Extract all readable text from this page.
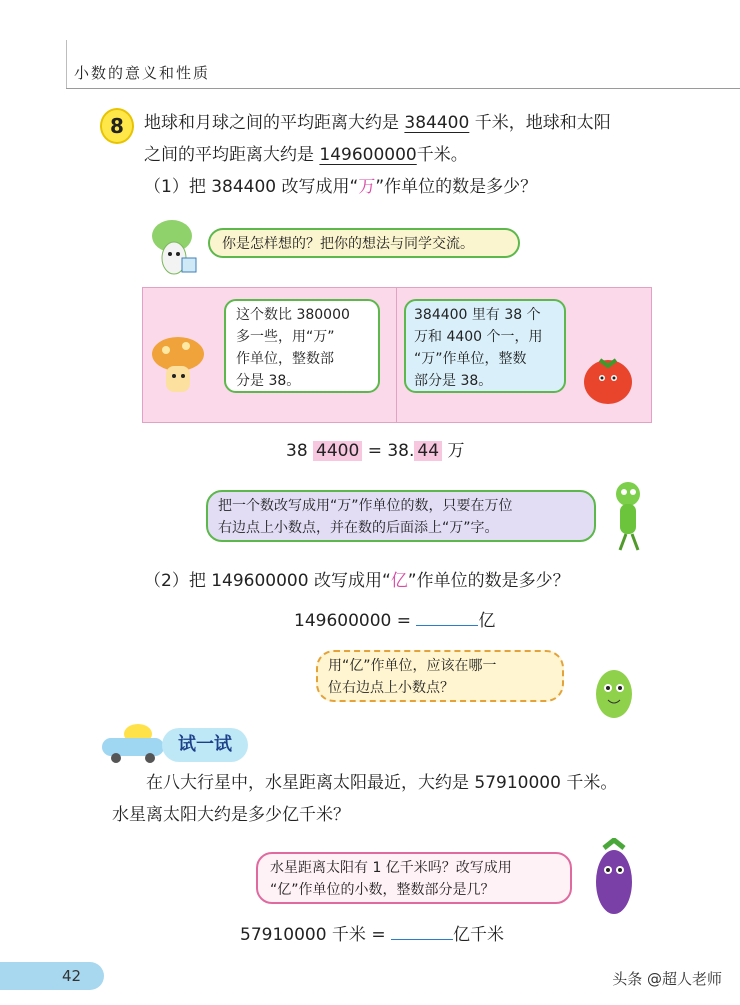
小数的意义和性质
8	地球和月球之间的平均距离大约是 384400 千米，地球和太阳
之间的平均距离大约是 149600000千米。
（1）把 384400 改写成用“万”作单位的数是多少？
你是怎样想的？把你的想法与同学交流。
这个数比 380000
多一些，用“万”
作单位，整数部
分是 38。
384400 里有 38 个
万和 4400 个一，用
“万”作单位，整数
部分是 38。
38 4400 = 38. 44 万
把一个数改写成用“万”作单位的数，只要在万位
右边点上小数点，并在数的后面添上“万”字。
（2）把 149600000 改写成用“亿”作单位的数是多少？
149600000 =	亿
用“亿”作单位，应该在哪一
位右边点上小数点？
试一试
在八大行星中，水星距离太阳最近，大约是 57910000 千米。
水星离太阳大约是多少亿千米？
水星距离太阳有 1 亿千米吗？改写成用
“亿”作单位的小数，整数部分是几？
57910000 千米 =	亿千米
42	头条 @超人老师
